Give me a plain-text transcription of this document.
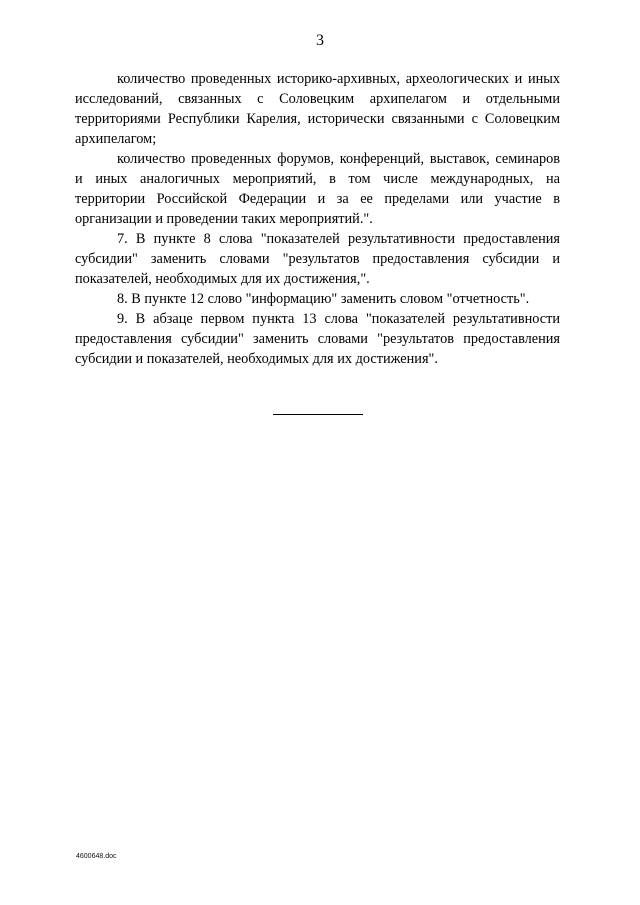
3

количество проведенных историко-архивных, археологических и иных исследований, связанных с Соловецким архипелагом и отдельными территориями Республики Карелия, исторически связанными с Соловецким архипелагом;

количество проведенных форумов, конференций, выставок, семинаров и иных аналогичных мероприятий, в том числе международных, на территории Российской Федерации и за ее пределами или участие в организации и проведении таких мероприятий.".

7. В пункте 8 слова "показателей результативности предоставления субсидии" заменить словами "результатов предоставления субсидии и показателей, необходимых для их достижения,".

8. В пункте 12 слово "информацию" заменить словом "отчетность".

9. В абзаце первом пункта 13 слова "показателей результативности предоставления субсидии" заменить словами "результатов предоставления субсидии и показателей, необходимых для их достижения".

4600648.doc
